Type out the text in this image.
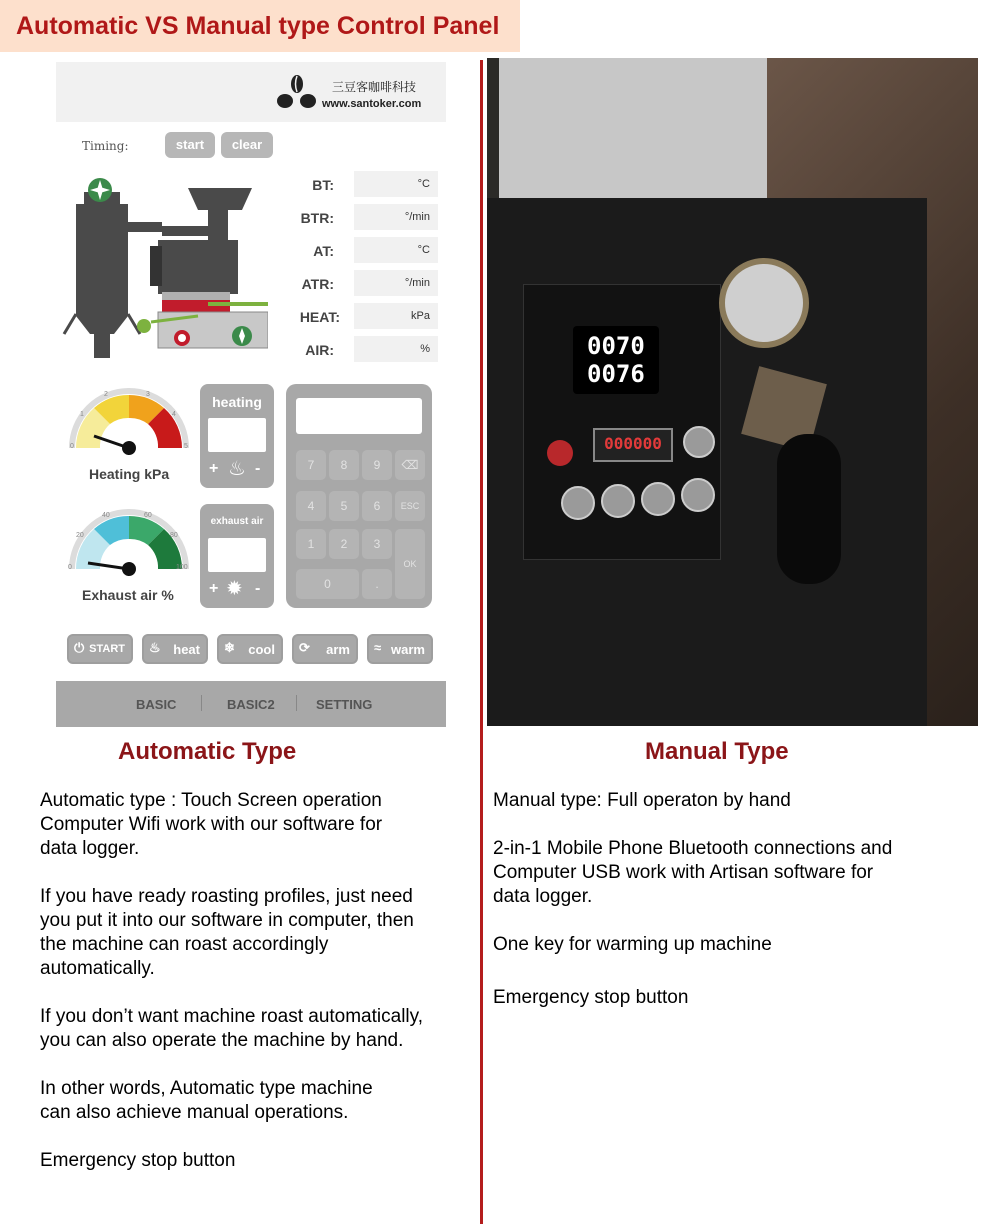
Automatic VS Manual type Control Panel
三豆客咖啡科技
www.santoker.com
Timing:	start	clear
BT:	°C
BTR:	°/min
AT:	°C
ATR:	°/min
HEAT:	kPa
AIR:	%
0
1
2	3
4
5
Heating kPa
0
20
40	60
80
100
Exhaust air %
heating
+ ♨ -
exhaust air
+ ✹ -
7	8	9	⌫
4	5	6	ESC
1	2	3
OK
0	.
⏻ START ♨ heat ❄ cool ⟳ arm ≈ warm
BASIC	BASIC2	SETTING
0070
0076
000000
Automatic Type	Manual Type
Automatic type : Touch Screen operation
Computer Wifi work with our software for
data logger.
If you have ready roasting profiles, just need
you put it into our software in computer, then
the machine can roast accordingly
automatically.
If you don’t want machine roast automatically,
you can also operate the machine by hand.
In other words, Automatic type machine
can also achieve manual operations.
Emergency stop button
Manual type: Full operaton by hand
2-in-1 Mobile Phone Bluetooth connections and
Computer USB work with Artisan software for
data logger.
One key for warming up machine
Emergency stop button
